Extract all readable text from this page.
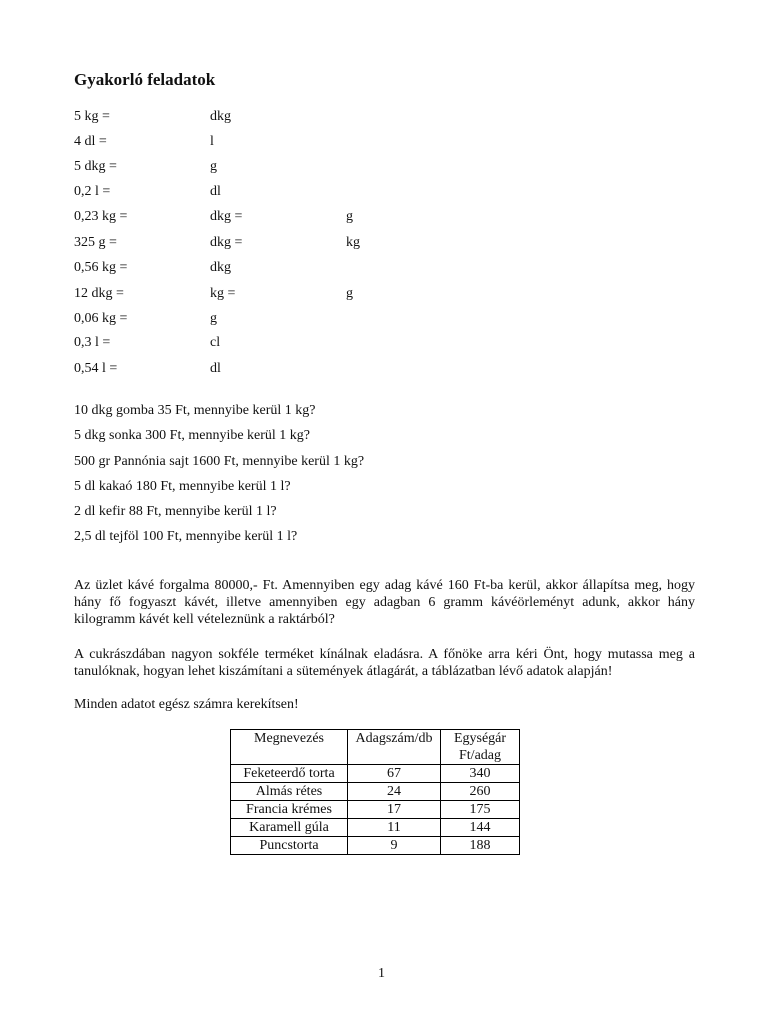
Gyakorló feladatok
5 kg =	dkg
4 dl =	l
5 dkg =	g
0,2 l =	dl
0,23 kg =	dkg =	g
325 g =	dkg =	kg
0,56 kg =	dkg
12 dkg =	kg =	g
0,06 kg =	g
0,3 l =	cl
0,54 l =	dl
10 dkg gomba 35 Ft, mennyibe kerül 1 kg?
5 dkg sonka 300 Ft, mennyibe kerül 1 kg?
500 gr Pannónia sajt 1600 Ft, mennyibe kerül 1 kg?
5 dl kakaó 180 Ft, mennyibe kerül 1 l?
2 dl kefir 88 Ft, mennyibe kerül 1 l?
2,5 dl tejföl 100 Ft, mennyibe kerül 1 l?
Az üzlet kávé forgalma 80000,- Ft. Amennyiben egy adag kávé 160 Ft-ba kerül, akkor állapítsa meg, hogy hány fő fogyaszt kávét, illetve amennyiben egy adagban 6 gramm kávéörleményt adunk, akkor hány kilogramm kávét kell vételeznünk a raktárból?
A cukrászdában nagyon sokféle terméket kínálnak eladásra. A főnöke arra kéri Önt, hogy mutassa meg a tanulóknak, hogyan lehet kiszámítani a sütemények átlagárát, a táblázatban lévő adatok alapján!
Minden adatot egész számra kerekítsen!
Megnevezés	Adagszám/db	Egységár Ft/adag
Feketeerdő torta	67	340
Almás rétes	24	260
Francia krémes	17	175
Karamell gúla	11	144
Puncstorta	9	188
1
